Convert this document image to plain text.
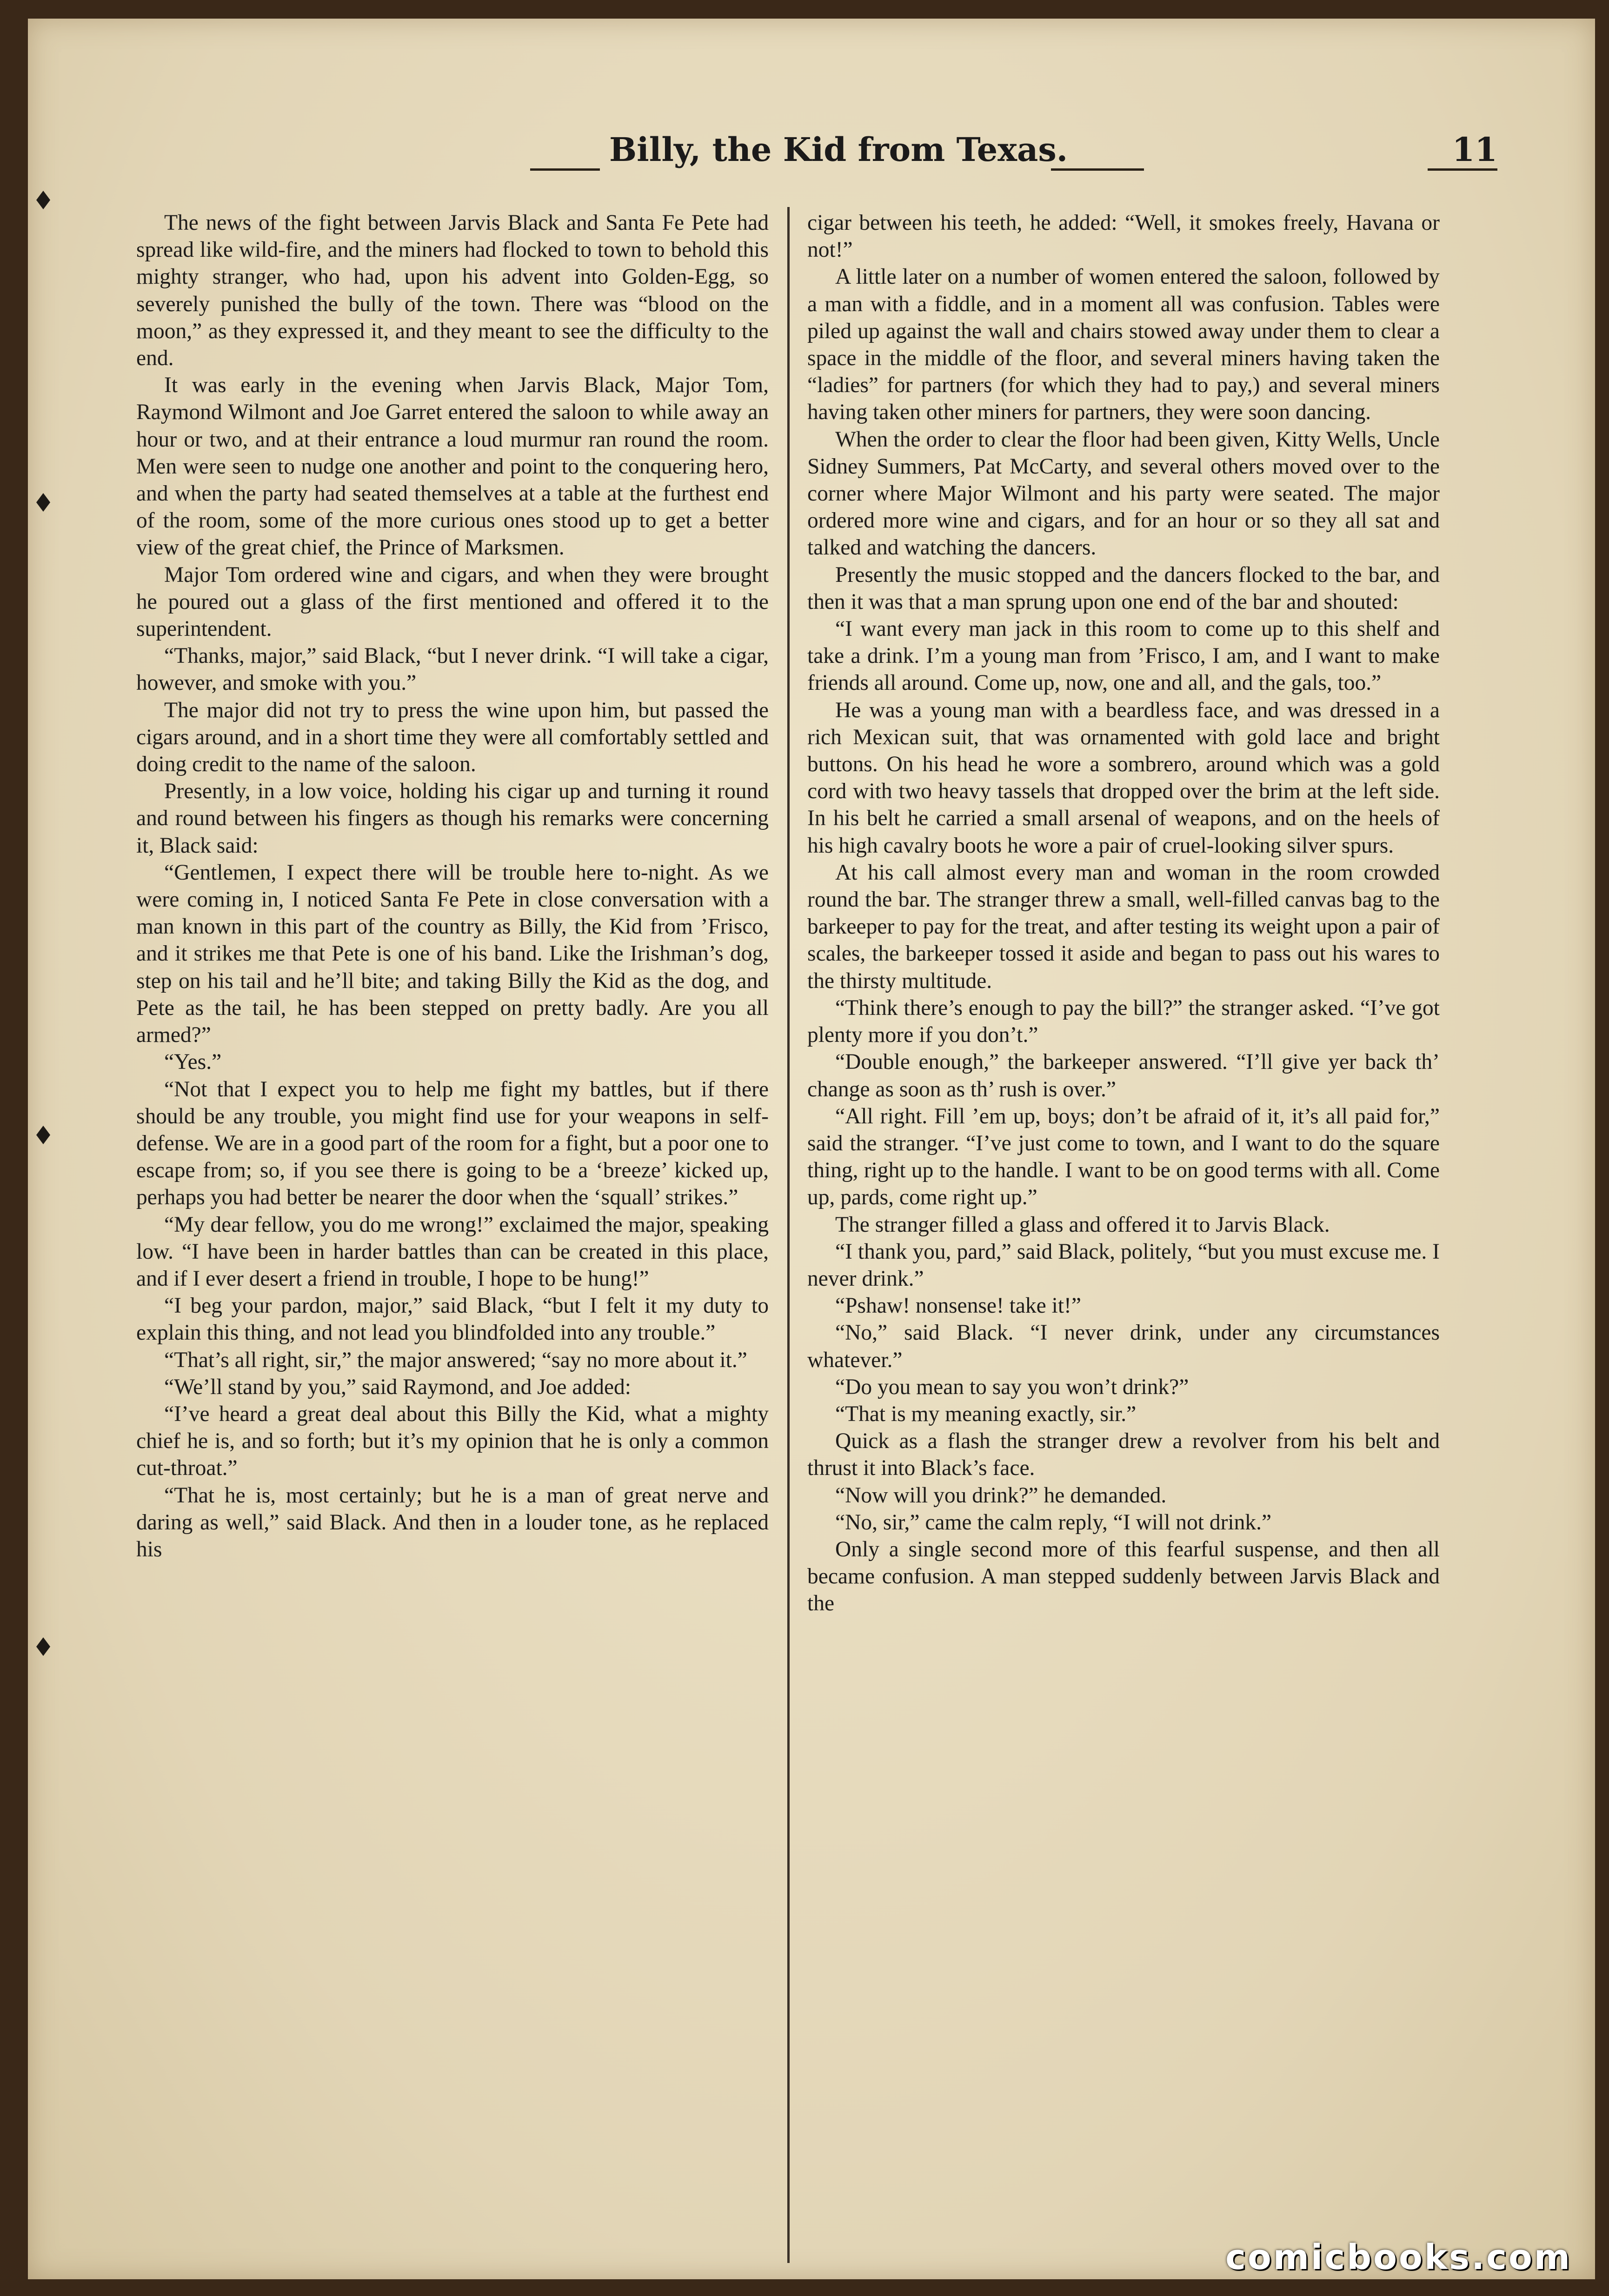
Billy, the Kid from Texas.	11

The news of the fight between Jarvis Black and Santa Fe Pete had spread like wild-fire, and the miners had flocked to town to behold this mighty stranger, who had, upon his advent into Golden-Egg, so severely punished the bully of the town. There was “blood on the moon,” as they expressed it, and they meant to see the difficulty to the end.

It was early in the evening when Jarvis Black, Major Tom, Raymond Wilmont and Joe Garret entered the saloon to while away an hour or two, and at their entrance a loud murmur ran round the room. Men were seen to nudge one another and point to the conquering hero, and when the party had seated themselves at a table at the furthest end of the room, some of the more curious ones stood up to get a better view of the great chief, the Prince of Marksmen.

Major Tom ordered wine and cigars, and when they were brought he poured out a glass of the first mentioned and offered it to the superintendent.

“Thanks, major,” said Black, “but I never drink. “I will take a cigar, however, and smoke with you.”

The major did not try to press the wine upon him, but passed the cigars around, and in a short time they were all comfortably settled and doing credit to the name of the saloon.

Presently, in a low voice, holding his cigar up and turning it round and round between his fingers as though his remarks were concerning it, Black said:

“Gentlemen, I expect there will be trouble here to-night. As we were coming in, I noticed Santa Fe Pete in close conversation with a man known in this part of the country as Billy, the Kid from ’Frisco, and it strikes me that Pete is one of his band. Like the Irishman’s dog, step on his tail and he’ll bite; and taking Billy the Kid as the dog, and Pete as the tail, he has been stepped on pretty badly. Are you all armed?”

“Yes.”

“Not that I expect you to help me fight my battles, but if there should be any trouble, you might find use for your weapons in self-defense. We are in a good part of the room for a fight, but a poor one to escape from; so, if you see there is going to be a ‘breeze’ kicked up, perhaps you had better be nearer the door when the ‘squall’ strikes.”

“My dear fellow, you do me wrong!” exclaimed the major, speaking low. “I have been in harder battles than can be created in this place, and if I ever desert a friend in trouble, I hope to be hung!”

“I beg your pardon, major,” said Black, “but I felt it my duty to explain this thing, and not lead you blindfolded into any trouble.”

“That’s all right, sir,” the major answered; “say no more about it.”

“We’ll stand by you,” said Raymond, and Joe added:

“I’ve heard a great deal about this Billy the Kid, what a mighty chief he is, and so forth; but it’s my opinion that he is only a common cut-throat.”

“That he is, most certainly; but he is a man of great nerve and daring as well,” said Black. And then in a louder tone, as he replaced his

cigar between his teeth, he added: “Well, it smokes freely, Havana or not!”

A little later on a number of women entered the saloon, followed by a man with a fiddle, and in a moment all was confusion. Tables were piled up against the wall and chairs stowed away under them to clear a space in the middle of the floor, and several miners having taken the “ladies” for partners (for which they had to pay,) and several miners having taken other miners for partners, they were soon dancing.

When the order to clear the floor had been given, Kitty Wells, Uncle Sidney Summers, Pat McCarty, and several others moved over to the corner where Major Wilmont and his party were seated. The major ordered more wine and cigars, and for an hour or so they all sat and talked and watching the dancers.

Presently the music stopped and the dancers flocked to the bar, and then it was that a man sprung upon one end of the bar and shouted:

“I want every man jack in this room to come up to this shelf and take a drink. I’m a young man from ’Frisco, I am, and I want to make friends all around. Come up, now, one and all, and the gals, too.”

He was a young man with a beardless face, and was dressed in a rich Mexican suit, that was ornamented with gold lace and bright buttons. On his head he wore a sombrero, around which was a gold cord with two heavy tassels that dropped over the brim at the left side. In his belt he carried a small arsenal of weapons, and on the heels of his high cavalry boots he wore a pair of cruel-looking silver spurs.

At his call almost every man and woman in the room crowded round the bar. The stranger threw a small, well-filled canvas bag to the barkeeper to pay for the treat, and after testing its weight upon a pair of scales, the barkeeper tossed it aside and began to pass out his wares to the thirsty multitude.

“Think there’s enough to pay the bill?” the stranger asked. “I’ve got plenty more if you don’t.”

“Double enough,” the barkeeper answered. “I’ll give yer back th’ change as soon as th’ rush is over.”

“All right. Fill ’em up, boys; don’t be afraid of it, it’s all paid for,” said the stranger. “I’ve just come to town, and I want to do the square thing, right up to the handle. I want to be on good terms with all. Come up, pards, come right up.”

The stranger filled a glass and offered it to Jarvis Black.

“I thank you, pard,” said Black, politely, “but you must excuse me. I never drink.”

“Pshaw! nonsense! take it!”

“No,” said Black. “I never drink, under any circumstances whatever.”

“Do you mean to say you won’t drink?”

“That is my meaning exactly, sir.”

Quick as a flash the stranger drew a revolver from his belt and thrust it into Black’s face.

“Now will you drink?” he demanded.

“No, sir,” came the calm reply, “I will not drink.”

Only a single second more of this fearful suspense, and then all became confusion. A man stepped suddenly between Jarvis Black and the

comicbooks.com
